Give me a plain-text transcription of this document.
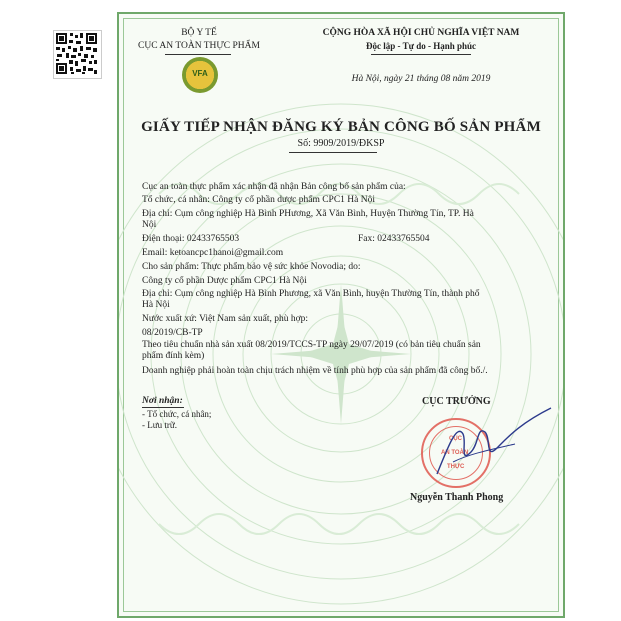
VFA
BỘ Y TẾ
CỤC AN TOÀN THỰC PHẨM
CỘNG HÒA XÃ HỘI CHỦ NGHĨA VIỆT NAM
Độc lập - Tự do - Hạnh phúc
Hà Nội, ngày 21 tháng 08 năm 2019
GIẤY TIẾP NHẬN ĐĂNG KÝ BẢN CÔNG BỐ SẢN PHẨM
Số: 9909/2019/ĐKSP
Cục an toàn thực phẩm xác nhận đã nhận Bản công bố sản phẩm của:
Tổ chức, cá nhân: Công ty cổ phần dược phẩm CPC1 Hà Nội
Địa chỉ: Cụm công nghiệp Hà Bình PHương, Xã Văn Bình, Huyện Thường Tín, TP. Hà
Nội
Điện thoại: 02433765503	Fax: 02433765504
Email: ketoancpc1hanoi@gmail.com
Cho sản phẩm: Thực phẩm bảo vệ sức khỏe Novodia; do:
Công ty cổ phần Dược phẩm CPC1 Hà Nội
Địa chỉ: Cụm công nghiệp Hà Bình Phương, xã Văn Bình, huyện Thường Tín, thành phố
Hà Nội
Nước xuất xứ: Việt Nam sản xuất, phù hợp:
08/2019/CB-TP
Theo tiêu chuẩn nhà sản xuất 08/2019/TCCS-TP ngày 29/07/2019 (có bản tiêu chuẩn sản
phẩm đính kèm)
Doanh nghiệp phải hoàn toàn chịu trách nhiệm về tính phù hợp của sản phẩm đã công bố./.
Nơi nhận:
- Tổ chức, cá nhân;
- Lưu trữ.
CỤC TRƯỞNG
CỤC
AN TOÀN
THỰC
Nguyễn Thanh Phong
